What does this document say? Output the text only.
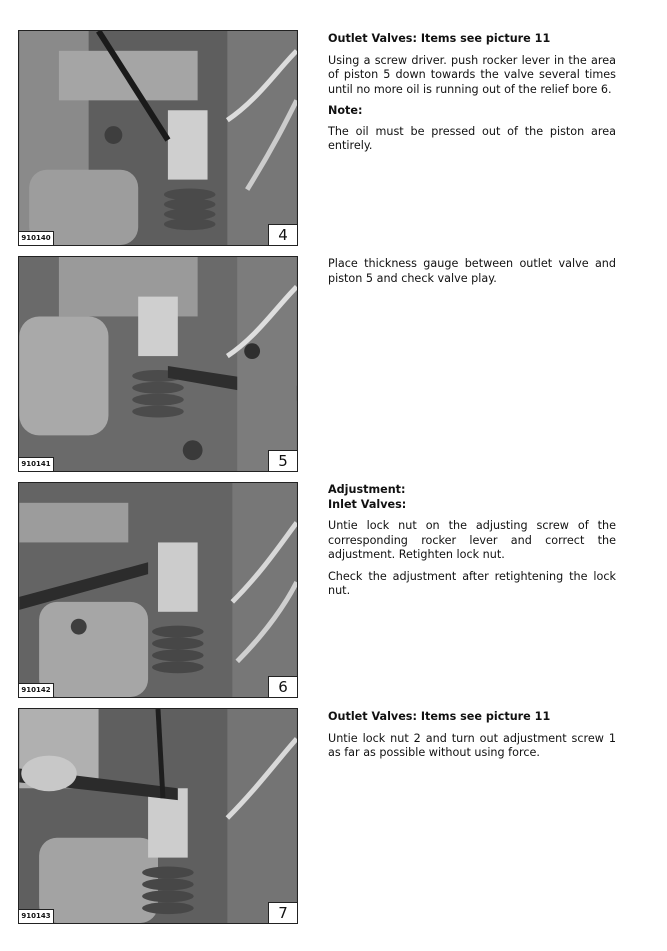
910140	4

Outlet Valves: Items see picture 11

Using a screw driver. push rocker lever in the area of piston 5 down towards the valve several times until no more oil is running out of the relief bore 6.

Note:

The oil must be pressed out of the piston area entirely.

910141	5

Place thickness gauge between outlet valve and piston 5 and check valve play.

910142	6

Adjustment:

Inlet Valves:

Untie lock nut on the adjusting screw of the corresponding rocker lever and correct the adjustment. Retighten lock nut.

Check the adjustment after retightening the lock nut.

910143	7

Outlet Valves: Items see picture 11

Untie lock nut 2 and turn out adjustment screw 1 as far as possible without using force.
